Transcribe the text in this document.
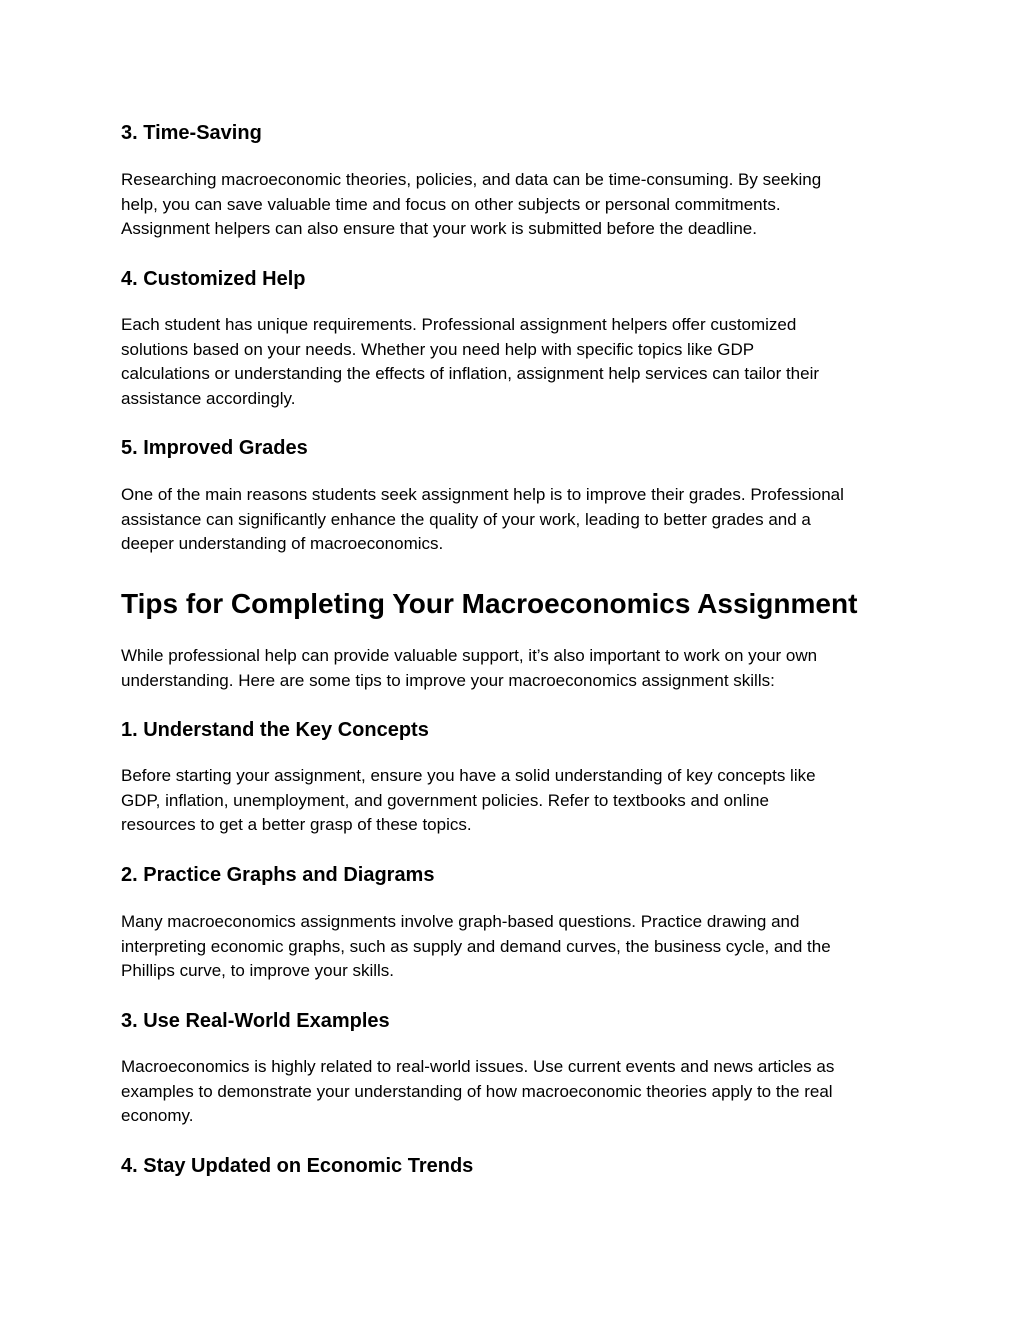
3. Time-Saving
Researching macroeconomic theories, policies, and data can be time-consuming. By seeking
help, you can save valuable time and focus on other subjects or personal commitments.
Assignment helpers can also ensure that your work is submitted before the deadline.
4. Customized Help
Each student has unique requirements. Professional assignment helpers offer customized
solutions based on your needs. Whether you need help with specific topics like GDP
calculations or understanding the effects of inflation, assignment help services can tailor their
assistance accordingly.
5. Improved Grades
One of the main reasons students seek assignment help is to improve their grades. Professional
assistance can significantly enhance the quality of your work, leading to better grades and a
deeper understanding of macroeconomics.
Tips for Completing Your Macroeconomics Assignment
While professional help can provide valuable support, it’s also important to work on your own
understanding. Here are some tips to improve your macroeconomics assignment skills:
1. Understand the Key Concepts
Before starting your assignment, ensure you have a solid understanding of key concepts like
GDP, inflation, unemployment, and government policies. Refer to textbooks and online
resources to get a better grasp of these topics.
2. Practice Graphs and Diagrams
Many macroeconomics assignments involve graph-based questions. Practice drawing and
interpreting economic graphs, such as supply and demand curves, the business cycle, and the
Phillips curve, to improve your skills.
3. Use Real-World Examples
Macroeconomics is highly related to real-world issues. Use current events and news articles as
examples to demonstrate your understanding of how macroeconomic theories apply to the real
economy.
4. Stay Updated on Economic Trends
